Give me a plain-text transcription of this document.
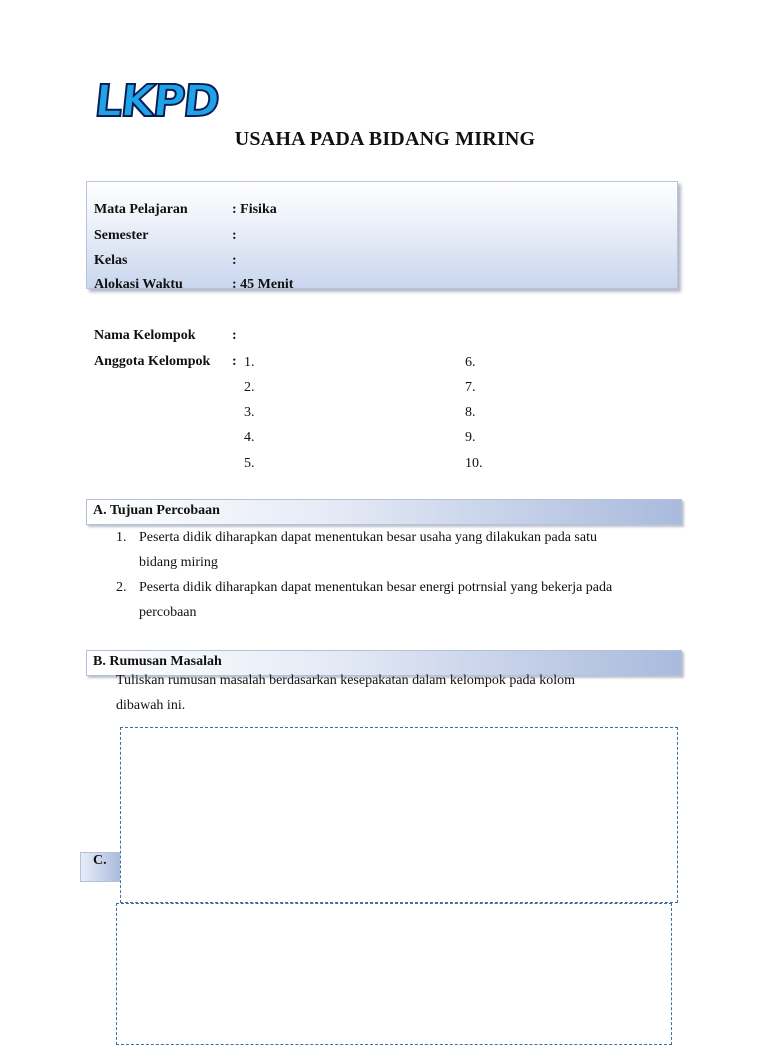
LKPD
USAHA PADA BIDANG MIRING
Mata Pelajaran	: Fisika
Semester	:
Kelas	:
Alokasi Waktu	: 45 Menit
Nama Kelompok	:
Anggota Kelompok : 1.
2.
3.
4.
5.
6.
7.
8.
9.
10.
A. Tujuan Percobaan
1. Peserta didik diharapkan dapat menentukan besar usaha yang dilakukan pada satu
bidang miring
2. Peserta didik diharapkan dapat menentukan besar energi potrnsial yang bekerja pada
percobaan
B. Rumusan Masalah
Tuliskan rumusan masalah berdasarkan kesepakatan dalam kelompok pada kolom
dibawah ini.
C.
